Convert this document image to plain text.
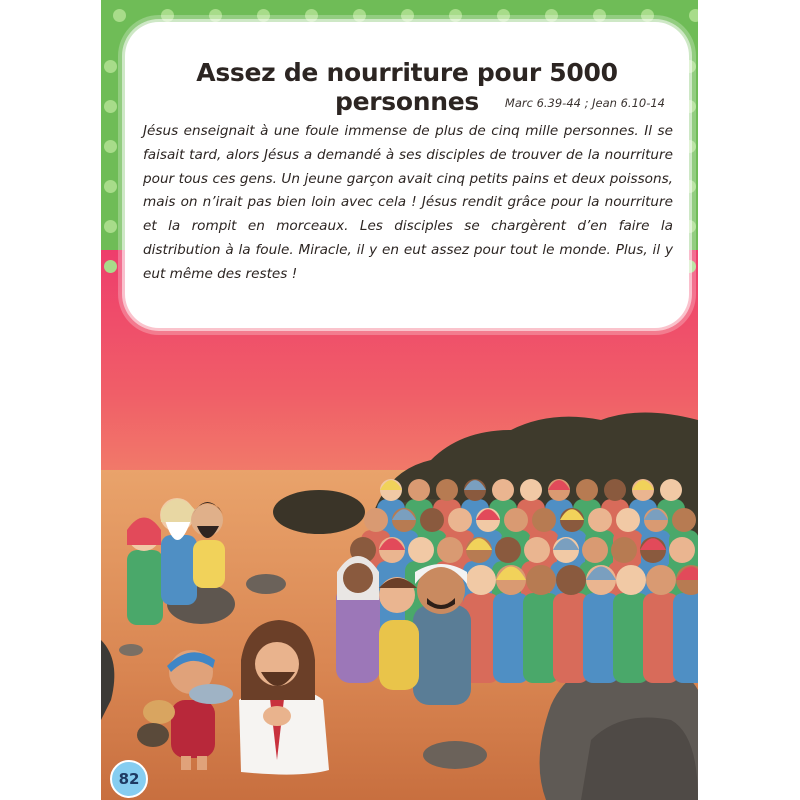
Assez de nourriture pour 5000 personnes	Marc 6.39-44 ; Jean 6.10-14
Jésus enseignait à une foule immense de plus de cinq mille personnes. Il se faisait tard, alors Jésus a demandé à ses disciples de trouver de la nourriture pour tous ces gens. Un jeune garçon avait cinq petits pains et deux poissons, mais on n’irait pas bien loin avec cela ! Jésus rendit grâce pour la nourriture et la rompit en morceaux. Les disciples se chargèrent d’en faire la distribution à la foule. Miracle, il y en eut assez pour tout le monde. Plus, il y eut même des restes !
82
